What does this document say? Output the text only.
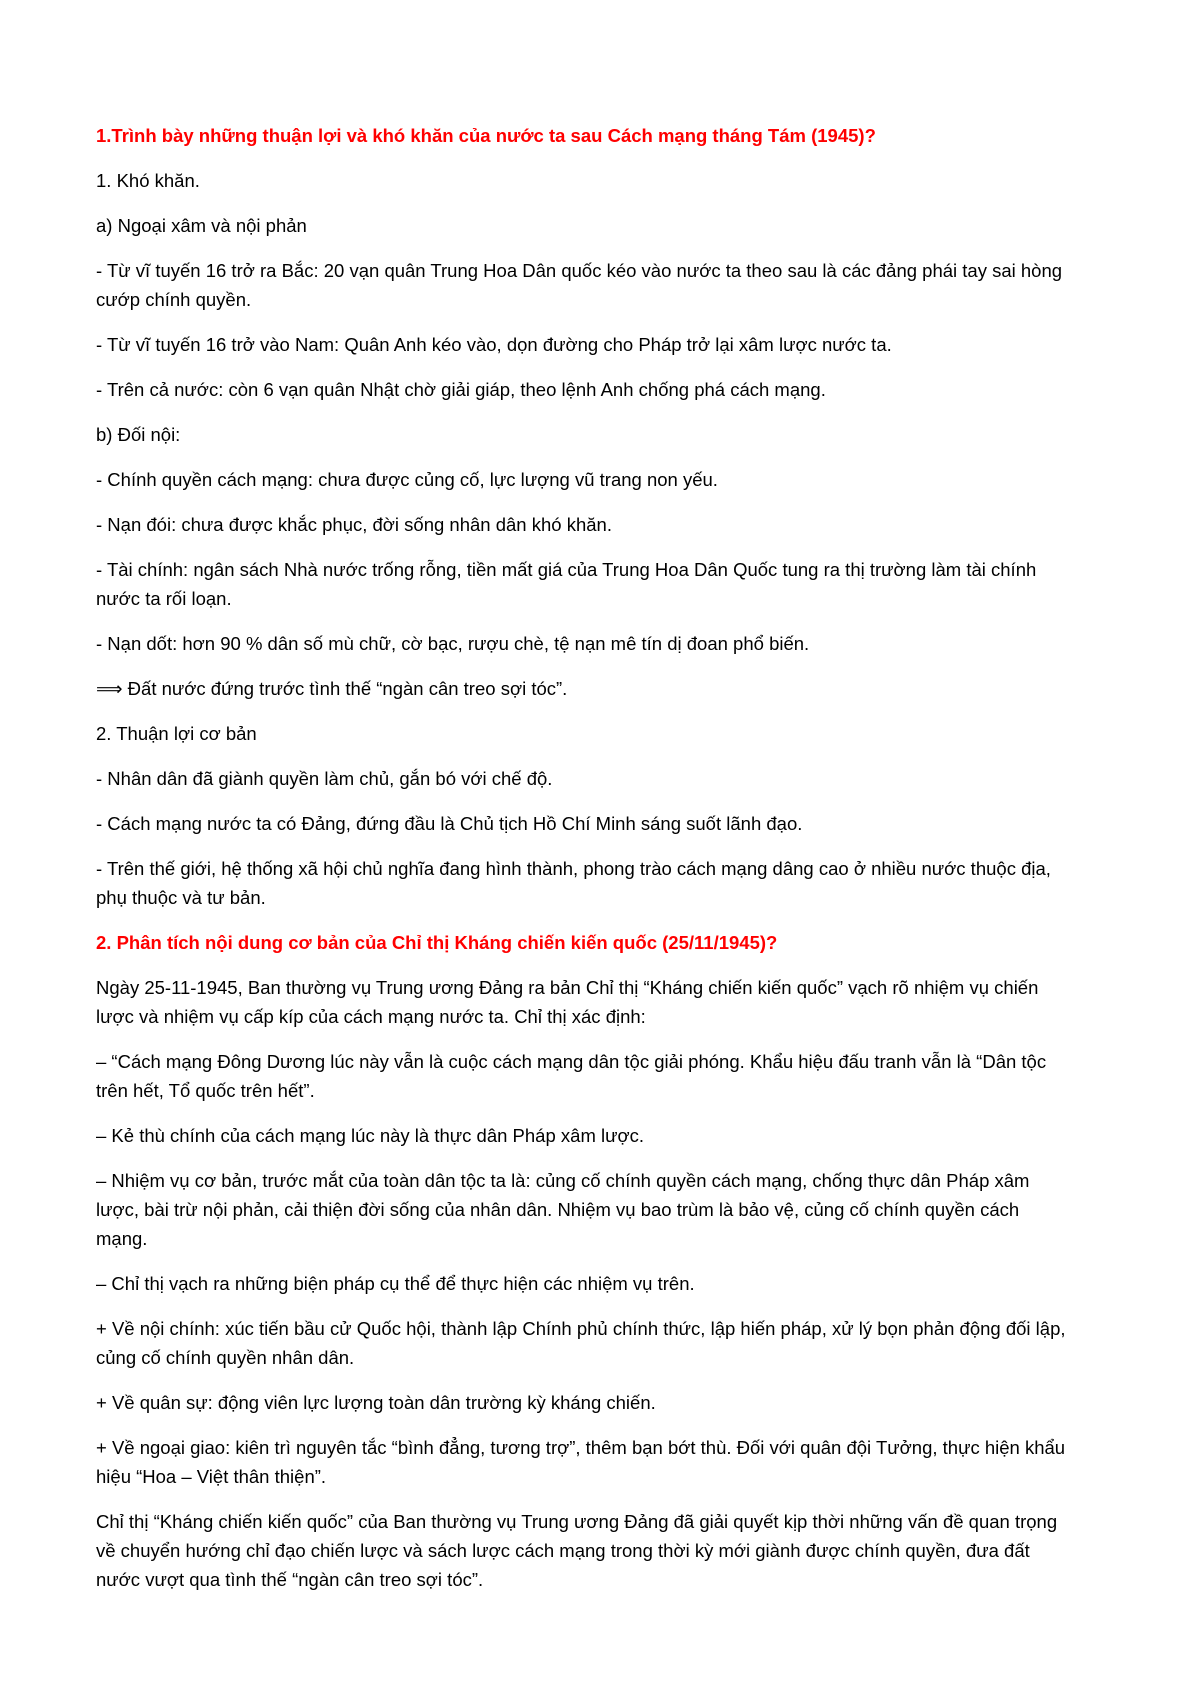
1.Trình bày những thuận lợi và khó khăn của nước ta sau Cách mạng tháng Tám (1945)?

1. Khó khăn.

a) Ngoại xâm và nội phản

- Từ vĩ tuyến 16 trở ra Bắc: 20 vạn quân Trung Hoa Dân quốc kéo vào nước ta theo sau là các đảng phái tay sai hòng cướp chính quyền.

- Từ vĩ tuyến 16 trở vào Nam: Quân Anh kéo vào, dọn đường cho Pháp trở lại xâm lược nước ta.

- Trên cả nước: còn 6 vạn quân Nhật chờ giải giáp, theo lệnh Anh chống phá cách mạng.

b) Đối nội:

- Chính quyền cách mạng: chưa được củng cố, lực lượng vũ trang non yếu.

- Nạn đói: chưa được khắc phục, đời sống nhân dân khó khăn.

- Tài chính: ngân sách Nhà nước trống rỗng, tiền mất giá của Trung Hoa Dân Quốc tung ra thị trường làm tài chính nước ta rối loạn.

- Nạn dốt: hơn 90 % dân số mù chữ, cờ bạc, rượu chè, tệ nạn mê tín dị đoan phổ biến.

⟹ Đất nước đứng trước tình thế “ngàn cân treo sợi tóc”.

2. Thuận lợi cơ bản

- Nhân dân đã giành quyền làm chủ, gắn bó với chế độ.

- Cách mạng nước ta có Đảng, đứng đầu là Chủ tịch Hồ Chí Minh sáng suốt lãnh đạo.

- Trên thế giới, hệ thống xã hội chủ nghĩa đang hình thành, phong trào cách mạng dâng cao ở nhiều nước thuộc địa, phụ thuộc và tư bản.

2. Phân tích nội dung cơ bản của Chỉ thị Kháng chiến kiến quốc (25/11/1945)?

Ngày 25-11-1945, Ban thường vụ Trung ương Đảng ra bản Chỉ thị “Kháng chiến kiến quốc” vạch rõ nhiệm vụ chiến lược và nhiệm vụ cấp kíp của cách mạng nước ta. Chỉ thị xác định:

– “Cách mạng Đông Dương lúc này vẫn là cuộc cách mạng dân tộc giải phóng. Khẩu hiệu đấu tranh vẫn là “Dân tộc trên hết, Tổ quốc trên hết”.

– Kẻ thù chính của cách mạng lúc này là thực dân Pháp xâm lược.

– Nhiệm vụ cơ bản, trước mắt của toàn dân tộc ta là: củng cố chính quyền cách mạng, chống thực dân Pháp xâm lược, bài trừ nội phản, cải thiện đời sống của nhân dân. Nhiệm vụ bao trùm là bảo vệ, củng cố chính quyền cách mạng.

– Chỉ thị vạch ra những biện pháp cụ thể để thực hiện các nhiệm vụ trên.

+ Về nội chính: xúc tiến bầu cử Quốc hội, thành lập Chính phủ chính thức, lập hiến pháp, xử lý bọn phản động đối lập, củng cố chính quyền nhân dân.

+ Về quân sự: động viên lực lượng toàn dân trường kỳ kháng chiến.

+ Về ngoại giao: kiên trì nguyên tắc “bình đẳng, tương trợ”, thêm bạn bớt thù. Đối với quân đội Tưởng, thực hiện khẩu hiệu “Hoa – Việt thân thiện”.

Chỉ thị “Kháng chiến kiến quốc” của Ban thường vụ Trung ương Đảng đã giải quyết kịp thời những vấn đề quan trọng về chuyển hướng chỉ đạo chiến lược và sách lược cách mạng trong thời kỳ mới giành được chính quyền, đưa đất nước vượt qua tình thế “ngàn cân treo sợi tóc”.
